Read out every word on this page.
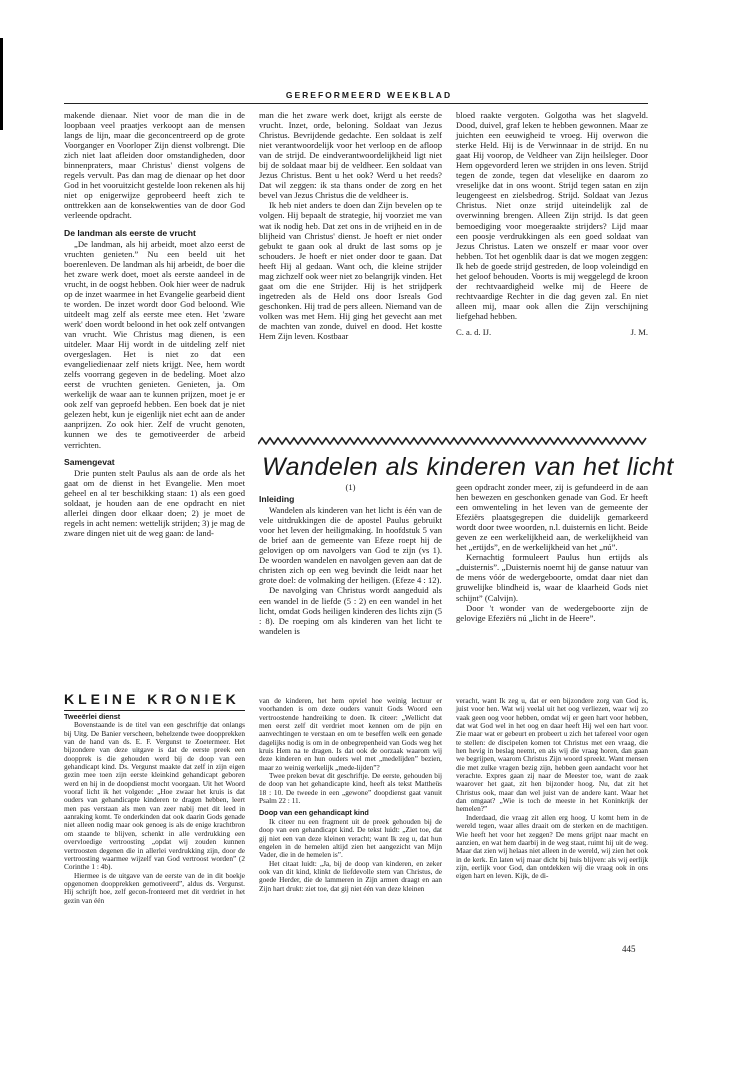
GEREFORMEERD WEEKBLAD

makende dienaar. Niet voor de man die in de loopbaan veel praatjes verkoopt aan de mensen langs de lijn, maar die geconcentreerd op de grote Voorganger en Voorloper Zijn dienst volbrengt. Die zich niet laat afleiden door omstandigheden, door binnenpraters, maar Christus' dienst volgens de regels vervult. Pas dan mag de dienaar op het door God in het vooruitzicht gestelde loon rekenen als hij niet op enigerwijze geprobeerd heeft zich te onttrekken aan de konsekwenties van de door God verleende opdracht.

De landman als eerste de vrucht

„De landman, als hij arbeidt, moet alzo eerst de vruchten genieten.” Nu een beeld uit het boerenleven. De landman als hij arbeidt, de boer die het zware werk doet, moet als eerste aandeel in de vrucht, in de oogst hebben. Ook hier weer de nadruk op de inzet waarmee in het Evangelie gearbeid dient te worden. De inzet wordt door God beloond. Wie uitdeelt mag zelf als eerste mee eten. Het 'zware werk' doen wordt beloond in het ook zelf ontvangen van vrucht. Wie Christus mag dienen, is een uitdeler. Maar Hij wordt in de uitdeling zelf niet overgeslagen. Het is niet zo dat een evangeliedienaar zelf niets krijgt. Nee, hem wordt zelfs voorrang gegeven in de bedeling. Moet alzo eerst de vruchten genieten. Genieten, ja. Om werkelijk de waar aan te kunnen prijzen, moet je er ook zelf van geproefd hebben. Een boek dat je niet gelezen hebt, kun je eigenlijk niet echt aan de ander aanprijzen. Zo ook hier. Zelf de vrucht genoten, kunnen we des te gemotiveerder de arbeid verrichten.

Samengevat

Drie punten stelt Paulus als aan de orde als het gaat om de dienst in het Evangelie. Men moet geheel en al ter beschikking staan: 1) als een goed soldaat, je houden aan de ene opdracht en niet allerlei dingen door elkaar doen; 2) je moet de regels in acht nemen: wettelijk strijden; 3) je mag de zware dingen niet uit de weg gaan: de land-

man die het zware werk doet, krijgt als eerste de vrucht. Inzet, orde, beloning. Soldaat van Jezus Christus. Bevrijdende gedachte. Een soldaat is zelf niet verantwoordelijk voor het verloop en de afloop van de strijd. De eindverantwoordelijkheid ligt niet bij de soldaat maar bij de veldheer. Een soldaat van Jezus Christus. Bent u het ook? Werd u het reeds? Dat wil zeggen: ik sta thans onder de zorg en het bevel van Jezus Christus die de veldheer is.

Ik heb niet anders te doen dan Zijn bevelen op te volgen. Hij bepaalt de strategie, hij voorziet me van wat ik nodig heb. Dat zet ons in de vrijheid en in de blijheid van Christus' dienst. Je hoeft er niet onder gebukt te gaan ook al drukt de last soms op je schouders. Je hoeft er niet onder door te gaan. Dat heeft Hij al gedaan. Want och, die kleine strijder mag zichzelf ook weer niet zo belangrijk vinden. Het gaat om die ene Strijder. Hij is het strijdperk ingetreden als de Held ons door Isreals God geschonken. Hij trad de pers alleen. Niemand van de volken was met Hem. Hij ging het gevecht aan met de machten van zonde, duivel en dood. Het kostte Hem Zijn leven. Kostbaar

bloed raakte vergoten. Golgotha was het slagveld. Dood, duivel, graf leken te hebben gewonnen. Maar ze juichten een eeuwigheid te vroeg. Hij overwon die sterke Held. Hij is de Verwinnaar in de strijd. En nu gaat Hij voorop, de Veldheer van Zijn heilsleger. Door Hem opgevorderd leren we strijden in ons leven. Strijd tegen de zonde, tegen dat vleselijke en daarom zo vreselijke dat in ons woont. Strijd tegen satan en zijn leugengeest en zielsbedrog. Strijd. Soldaat van Jezus Christus. Niet onze strijd uiteindelijk zal de overwinning brengen. Alleen Zijn strijd. Is dat geen bemoediging voor moegeraakte strijders? Lijd maar een poosje verdrukkingen als een goed soldaat van Jezus Christus. Laten we onszelf er maar voor over hebben. Tot het ogenblik daar is dat we mogen zeggen: Ik heb de goede strijd gestreden, de loop voleindigd en het geloof behouden. Voorts is mij weggelegd de kroon der rechtvaardigheid welke mij de Heere de rechtvaardige Rechter in die dag geven zal. En niet alleen mij, maar ook allen die Zijn verschijning liefgehad hebben.

C. a. d. IJ.	J. M.
Wandelen als kinderen van het licht
(1)
Inleiding

Wandelen als kinderen van het licht is één van de vele uitdrukkingen die de apostel Paulus gebruikt voor het leven der heiligmaking. In hoofdstuk 5 van de brief aan de gemeente van Efeze roept hij de gelovigen op om navolgers van God te zijn (vs 1). De woorden wandelen en navolgen geven aan dat de christen zich op een weg bevindt die leidt naar het grote doel: de volmaking der heiligen. (Efeze 4 : 12).

De navolging van Christus wordt aangeduid als een wandel in de liefde (5 : 2) en een wandel in het licht, omdat Gods heiligen kinderen des lichts zijn (5 : 8). De roeping om als kinderen van het licht te wandelen is

geen opdracht zonder meer, zij is gefundeerd in de aan hen bewezen en geschonken genade van God. Er heeft een omwenteling in het leven van de gemeente der Efeziërs plaatsgegrepen die duidelijk gemarkeerd wordt door twee woorden, n.l. duisternis en licht. Beide geven ze een werkelijkheid aan, de werkelijkheid van het „ertijds”, en de werkelijkheid van het „nú”.

Kernachtig formuleert Paulus hun ertijds als „duisternis”. „Duisternis noemt hij de ganse natuur van de mens vóór de wedergeboorte, omdat daar niet dan gruwelijke blindheid is, waar de klaarheid Gods niet schijnt” (Calvijn).

Door 't wonder van de wedergeboorte zijn de gelovige Efeziërs nú „licht in de Heere”.

KLEINE KRONIEK
Tweeërlei dienst

Bovenstaande is de titel van een geschriftje dat onlangs bij Uitg. De Banier verscheen, behelzende twee doopprekken van de hand van ds. E. F. Vergunst te Zoetermeer. Het bijzondere van deze uitgave is dat de eerste preek een doopprek is die gehouden werd bij de doop van een gehandicapt kind. Ds. Vergunst maakte dat zelf in zijn eigen gezin mee toen zijn eerste kleinkind gehandicapt geboren werd en hij in de doopdienst mocht voorgaan. Uit het Woord vooraf licht ik het volgende: „Hoe zwaar het kruis is dat ouders van gehandicapte kinderen te dragen hebben, leert men pas verstaan als men van zeer nabij met dit leed in aanraking komt. Te onderkinden dat ook daarin Gods genade niet alleen nodig maar ook genoeg is als de enige krachtbron om staande te blijven, schenkt in alle verdrukking een overvloedige vertroosting „opdat wij zouden kunnen vertroosten degenen die in allerlei verdrukking zijn, door de vertroosting waarmee wijzelf van God vertroost worden” (2 Corinthe 1 : 4b).

Hiermee is de uitgave van de eerste van de in dit boekje opgenomen doopprekken gemotiveerd”, aldus ds. Vergunst. Hij schrijft hoe, zelf gecon-fronteerd met dit verdriet in het gezin van één

van de kinderen, het hem opviel hoe weinig lectuur er voorhanden is om deze ouders vanuit Gods Woord een vertroostende handreiking te doen. Ik citeer: „Wellicht dat men eerst zelf dit verdriet moet kennen om de pijn en aanvechtingen te verstaan en om te beseffen welk een genade dagelijks nodig is om in de onbegrepenheid van Gods weg het kruis Hem na te dragen. Is dat ook de oorzaak waarom wij deze kinderen en hun ouders wel met „medelijden” bezien, maar zo weinig werkelijk „mede-lijden”?

Twee preken bevat dit geschriftje. De eerste, gehouden bij de doop van het gehandicapte kind, heeft als tekst Mattheüs 18 : 10. De tweede in een „gewone” doopdienst gaat vanuit Psalm 22 : 11.

Doop van een gehandicapt kind

Ik citeer nu een fragment uit de preek gehouden bij de doop van een gehandicapt kind. De tekst luidt: „Ziet toe, dat gij niet een van deze kleinen veracht; want Ik zeg u, dat hun engelen in de hemelen altijd zien het aangezicht van Mijn Vader, die in de hemelen is”.

Het citaat luidt: „Ja, bij de doop van kinderen, en zeker ook van dit kind, klinkt de liefdevolle stem van Christus, de goede Herder, die de lammeren in Zijn armen draagt en aan Zijn hart drukt: ziet toe, dat gij niet één van deze kleinen

veracht, want Ik zeg u, dat er een bijzondere zorg van God is, juist voor hen. Wat wij veelal uit het oog verliezen, waar wij zo vaak geen oog voor hebben, omdat wij er geen hart voor hebben, dat wat God wel in het oog en daar heeft Hij wel een hart voor. Zie maar wat er gebeurt en probeert u zich het tafereel voor ogen te stellen: de discipelen komen tot Christus met een vraag, die hen hevig in beslag neemt, en als wij die vraag horen, dan gaan we begrijpen, waarom Christus Zijn woord spreekt. Want mensen die met zulke vragen bezig zijn, hebben geen aandacht voor het verachte. Expres gaan zij naar de Meester toe, want de zaak waarover het gaat, zit hen bijzonder hoog. Nu, dat zit het Christus ook, maar dan wel juist van de andere kant. Waar het dan omgaat? „Wie is toch de meeste in het Koninkrijk der hemelen?”

Inderdaad, die vraag zit allen erg hoog. U komt hem in de wereld tegen, waar alles draait om de sterken en de machtigen. Wie heeft het voor het zeggen? De mens grijpt naar macht en aanzien, en wat hem daarbij in de weg staat, ruimt hij uit de weg. Maar dat zien wij helaas niet alleen in de wereld, wij zien het ook in de kerk. En laten wij maar dicht bij huis blijven: als wij eerlijk zijn, eerlijk voor God, dan ontdekken wij die vraag ook in ons eigen hart en leven. Kijk, de di-

445
